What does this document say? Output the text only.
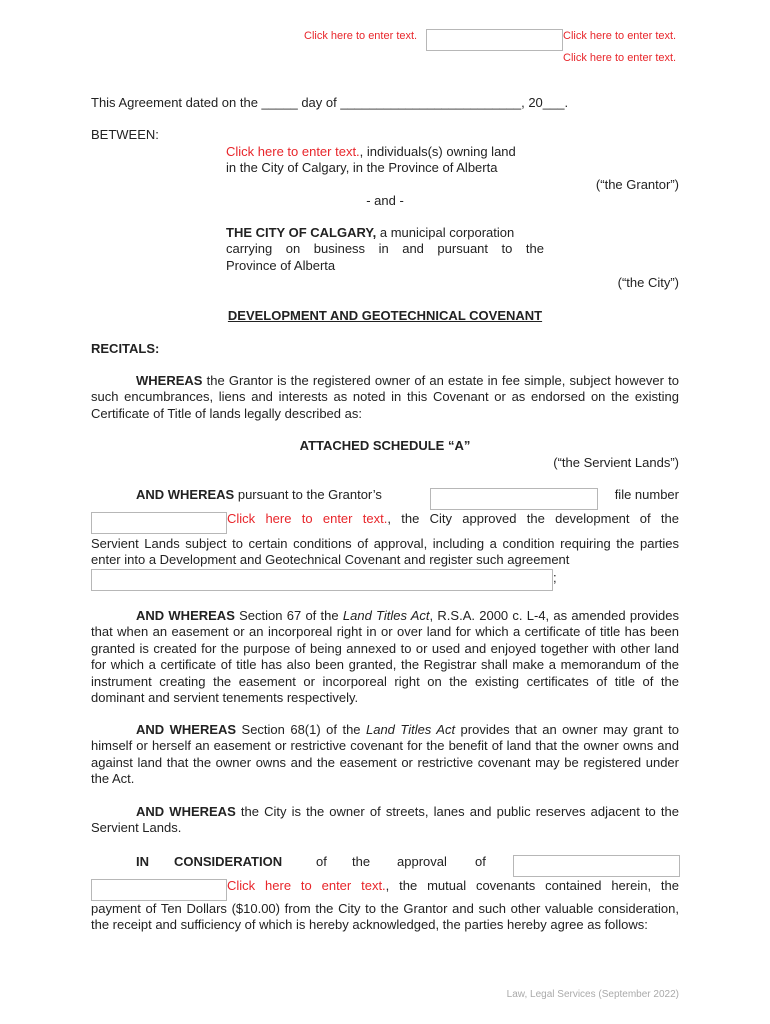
Click here to enter text.	Click here to enter text.
Click here to enter text.
This Agreement dated on the _____ day of _________________________, 20___.
BETWEEN:
Click here to enter text., individuals(s) owning land
in the City of Calgary, in the Province of Alberta
(“the Grantor”)
- and -
THE CITY OF CALGARY, a municipal corporation

carrying on business in and pursuant to the
Province of Alberta
(“the City”)
DEVELOPMENT AND GEOTECHNICAL COVENANT
RECITALS:

WHEREAS the Grantor is the registered owner of an estate in fee simple, subject however to such encumbrances, liens and interests as noted in this Covenant or as endorsed on the existing Certificate of Title of lands legally described as:

ATTACHED SCHEDULE “A”
(“the Servient Lands”)
AND WHEREAS pursuant to the Grantor’s	file number
Click here to enter text., the City approved the development of the

Servient Lands subject to certain conditions of approval, including a condition requiring the parties enter into a Development and Geotechnical Covenant and register such agreement

;

AND WHEREAS Section 67 of the Land Titles Act, R.S.A. 2000 c. L-4, as amended provides that when an easement or an incorporeal right in or over land for which a certificate of title has been granted is created for the purpose of being annexed to or used and enjoyed together with other land for which a certificate of title has also been granted, the Registrar shall make a memorandum of the instrument creating the easement or incorporeal right on the existing certificates of title of the dominant and servient tenements respectively.

AND WHEREAS Section 68(1) of the Land Titles Act provides that an owner may grant to himself or herself an easement or restrictive covenant for the benefit of land that the owner owns and against land that the owner owns and the easement or restrictive covenant may be registered under the Act.

AND WHEREAS the City is the owner of streets, lanes and public reserves adjacent to the Servient Lands.

IN CONSIDERATION	of the approval of
Click here to enter text., the mutual covenants contained herein, the

payment of Ten Dollars ($10.00) from the City to the Grantor and such other valuable consideration, the receipt and sufficiency of which is hereby acknowledged, the parties hereby agree as follows:

Law, Legal Services (September 2022)
